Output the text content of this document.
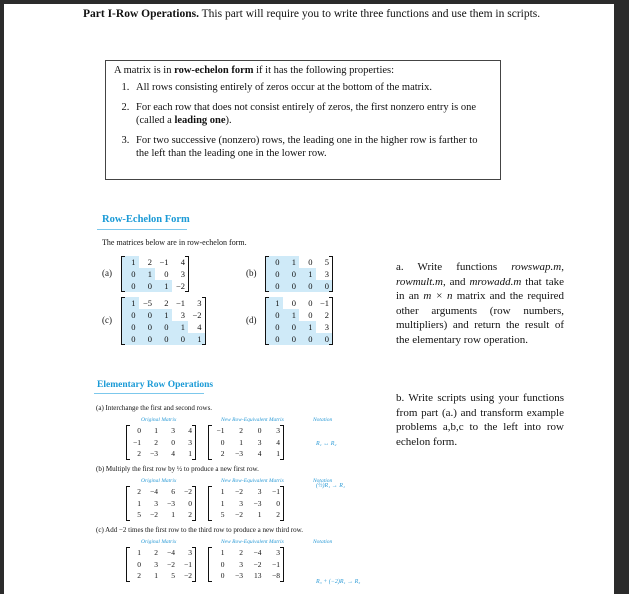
Part I-Row Operations. This part will require you to write three functions and use them in scripts.
A matrix is in row-echelon form if it has the following properties:
1. All rows consisting entirely of zeros occur at the bottom of the matrix.
2. For each row that does not consist entirely of zeros, the first nonzero entry is one (called a leading one).
3. For two successive (nonzero) rows, the leading one in the higher row is farther to the left than the leading one in the lower row.
Row-Echelon Form
The matrices below are in row-echelon form.
(a)
1	2 −1	4
0	1	0	3
0	0	1 −2
(b)
0	1	0	5
0	0	1	3
0	0	0	0
(c)
1 −5	2 −1	3
0	0	1	3 −2
0	0	0	1	4
0	0	0	0	1
(d)
1	0	0 −1
0	1	0	2
0	0	1	3
0	0	0	0
a. Write functions rowswap.m, rowmult.m, and mrowadd.m that take in an m × n matrix and the required other arguments (row numbers, multipliers) and return the result of the elementary row operation.
b. Write scripts using your functions from part (a.) and transform example problems a,b,c to the left into row echelon form.
Elementary Row Operations
(a) Interchange the first and second rows.
Original Matrix	New Row-Equivalent Matrix	Notation
0	1	3	4
−1	2	0	3
2	−3	4	1
−1	2	0	3
0	1	3	4
2	−3	4	1
R₁ ↔ R₂
(b) Multiply the first row by ½ to produce a new first row.
Original Matrix	New Row-Equivalent Matrix	Notation
2	−4	6	−2
1	3	−3	0
5	−2	1	2
1	−2	3	−1
1	3	−3	0
5	−2	1	2
(½)R₁ → R₁
(c) Add −2 times the first row to the third row to produce a new third row.
Original Matrix	New Row-Equivalent Matrix	Notation
1	2	−4	3
0	3	−2	−1
2	1	5	−2
1	2	−4	3
0	3	−2	−1
0	−3	13	−8
R₃ + (−2)R₁ → R₃
